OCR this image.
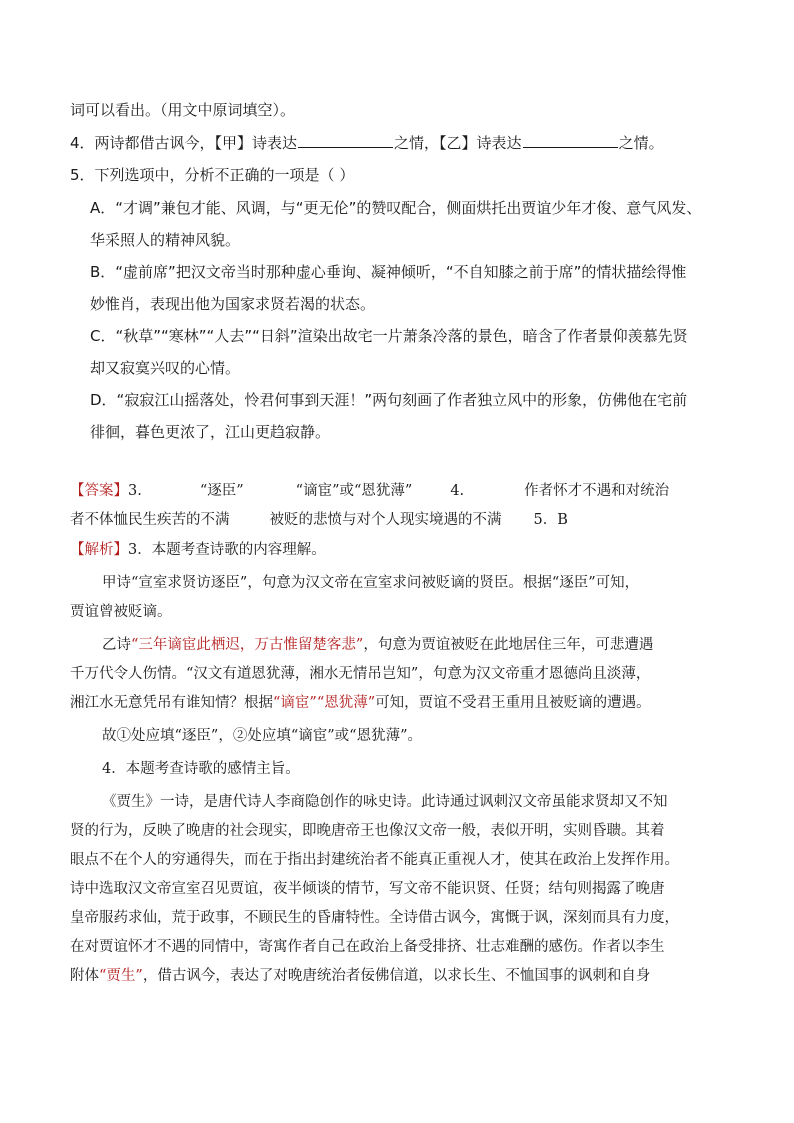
词可以看出。（用文中原词填空）。
4．两诗都借古讽今，【甲】诗表达	之情，【乙】诗表达	之情。
5．下列选项中，分析不正确的一项是（ ）
A．“才调”兼包才能、风调，与“更无伦”的赞叹配合，侧面烘托出贾谊少年才俊、意气风发、
华采照人的精神风貌。
B．“虚前席”把汉文帝当时那种虚心垂询、凝神倾听，“不自知膝之前于席”的情状描绘得惟
妙惟肖，表现出他为国家求贤若渴的状态。
C．“秋草”“寒林”“人去”“日斜”渲染出故宅一片萧条冷落的景色，暗含了作者景仰羡慕先贤
却又寂寞兴叹的心情。
D．“寂寂江山摇落处，怜君何事到天涯！”两句刻画了作者独立风中的形象，仿佛他在宅前
徘徊，暮色更浓了，江山更趋寂静。
【答案】3.	“逐臣”	“谪宦”或“恩犹薄”	4.	作者怀才不遇和对统治
者不体恤民生疾苦的不满	被贬的悲愤与对个人现实境遇的不满 5．B
【解析】3．本题考查诗歌的内容理解。
甲诗“宣室求贤访逐臣”，句意为汉文帝在宣室求问被贬谪的贤臣。根据“逐臣”可知，
贾谊曾被贬谪。
乙诗“三年谪宦此栖迟，万古惟留楚客悲”，句意为贾谊被贬在此地居住三年，可悲遭遇
千万代令人伤情。“汉文有道恩犹薄，湘水无情吊岂知”，句意为汉文帝重才恩德尚且淡薄，
湘江水无意凭吊有谁知情？根据“谪宦”“恩犹薄”可知，贾谊不受君王重用且被贬谪的遭遇。
故①处应填“逐臣”，②处应填“谪宦”或“恩犹薄”。
4．本题考查诗歌的感情主旨。
《贾生》一诗，是唐代诗人李商隐创作的咏史诗。此诗通过讽刺汉文帝虽能求贤却又不知
贤的行为，反映了晚唐的社会现实，即晚唐帝王也像汉文帝一般，表似开明，实则昏聩。其着
眼点不在个人的穷通得失，而在于指出封建统治者不能真正重视人才，使其在政治上发挥作用。
诗中选取汉文帝宣室召见贾谊，夜半倾谈的情节，写文帝不能识贤、任贤；结句则揭露了晚唐
皇帝服药求仙，荒于政事，不顾民生的昏庸特性。全诗借古讽今，寓慨于讽，深刻而具有力度，
在对贾谊怀才不遇的同情中，寄寓作者自己在政治上备受排挤、壮志难酬的感伤。作者以李生
附体“贾生”，借古讽今，表达了对晚唐统治者佞佛信道，以求长生、不恤国事的讽刺和自身
